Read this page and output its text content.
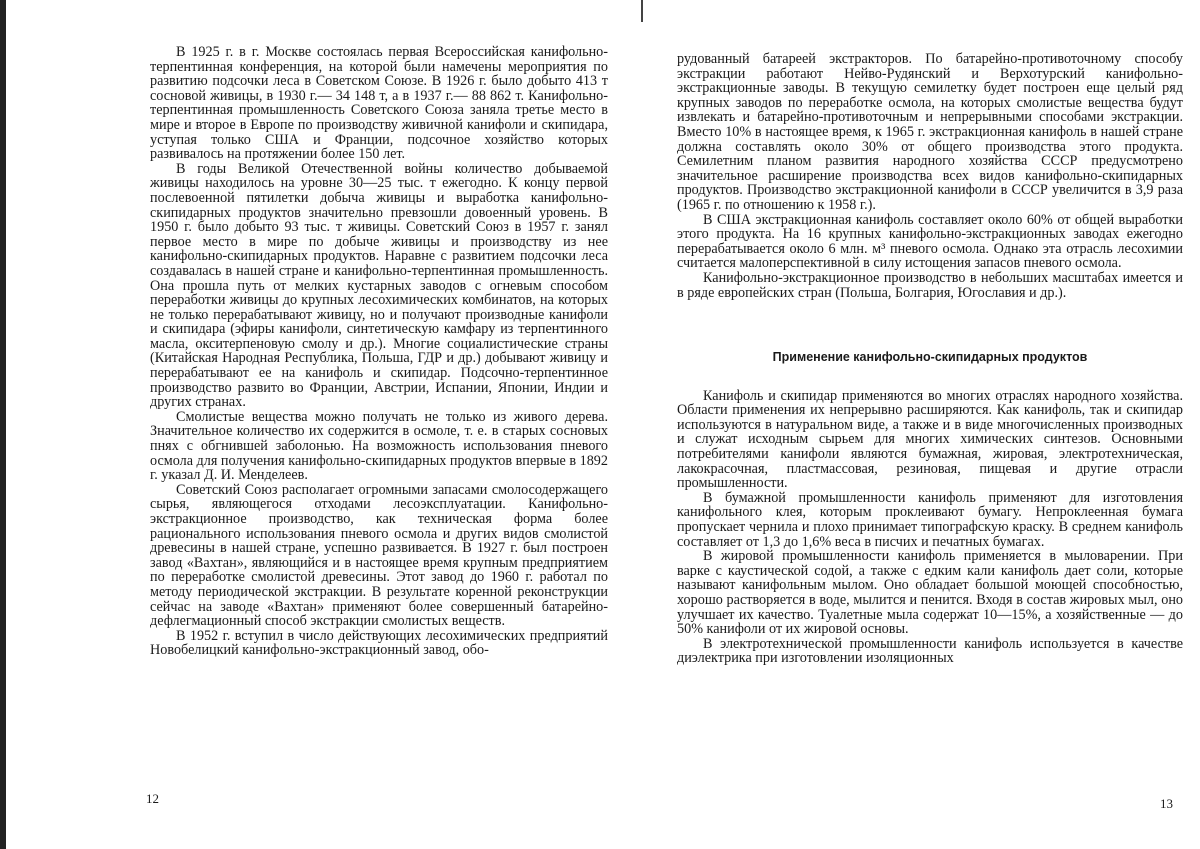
В 1925 г. в г. Москве состоялась первая Всероссийская канифольно-терпентинная конференция, на которой были намечены мероприятия по развитию подсочки леса в Советском Союзе. В 1926 г. было добыто 413 т сосновой живицы, в 1930 г.— 34 148 т, а в 1937 г.— 88 862 т. Канифольно-терпентинная промышленность Советского Союза заняла третье место в мире и второе в Европе по производству живичной канифоли и скипидара, уступая только США и Франции, подсочное хозяйство которых развивалось на протяжении более 150 лет.

В годы Великой Отечественной войны количество добываемой живицы находилось на уровне 30—25 тыс. т ежегодно. К концу первой послевоенной пятилетки добыча живицы и выработка канифольно-скипидарных продуктов значительно превзошли довоенный уровень. В 1950 г. было добыто 93 тыс. т живицы. Советский Союз в 1957 г. занял первое место в мире по добыче живицы и производству из нее канифольно-скипидарных продуктов. Наравне с развитием подсочки леса создавалась в нашей стране и канифольно-терпентинная промышленность. Она прошла путь от мелких кустарных заводов с огневым способом переработки живицы до крупных лесохимических комбинатов, на которых не только перерабатывают живицу, но и получают производные канифоли и скипидара (эфиры канифоли, синтетическую камфару из терпентинного масла, окситерпеновую смолу и др.). Многие социалистические страны (Китайская Народная Республика, Польша, ГДР и др.) добывают живицу и перерабатывают ее на канифоль и скипидар. Подсочно-терпентинное производство развито во Франции, Австрии, Испании, Японии, Индии и других странах.

Смолистые вещества можно получать не только из живого дерева. Значительное количество их содержится в осмоле, т. е. в старых сосновых пнях с обгнившей заболонью. На возможность использования пневого осмола для получения канифольно-скипидарных продуктов впервые в 1892 г. указал Д. И. Менделеев.

Советский Союз располагает огромными запасами смолосодержащего сырья, являющегося отходами лесоэксплуатации. Канифольно-экстракционное производство, как техническая форма более рационального использования пневого осмола и других видов смолистой древесины в нашей стране, успешно развивается. В 1927 г. был построен завод «Вахтан», являющийся и в настоящее время крупным предприятием по переработке смолистой древесины. Этот завод до 1960 г. работал по методу периодической экстракции. В результате коренной реконструкции сейчас на заводе «Вахтан» применяют более совершенный батарейно-дефлегмационный способ экстракции смолистых веществ.

В 1952 г. вступил в число действующих лесохимических предприятий Новобелицкий канифольно-экстракционный завод, обо-

12

рудованный батареей экстракторов. По батарейно-противоточному способу экстракции работают Нейво-Рудянский и Верхотурский канифольно-экстракционные заводы. В текущую семилетку будет построен еще целый ряд крупных заводов по переработке осмола, на которых смолистые вещества будут извлекать и батарейно-противоточным и непрерывными способами экстракции. Вместо 10% в настоящее время, к 1965 г. экстракционная канифоль в нашей стране должна составлять около 30% от общего производства этого продукта. Семилетним планом развития народного хозяйства СССР предусмотрено значительное расширение производства всех видов канифольно-скипидарных продуктов. Производство экстракционной канифоли в СССР увеличится в 3,9 раза (1965 г. по отношению к 1958 г.).

В США экстракционная канифоль составляет около 60% от общей выработки этого продукта. На 16 крупных канифольно-экстракционных заводах ежегодно перерабатывается около 6 млн. м³ пневого осмола. Однако эта отрасль лесохимии считается малоперспективной в силу истощения запасов пневого осмола.

Канифольно-экстракционное производство в небольших масштабах имеется и в ряде европейских стран (Польша, Болгария, Югославия и др.).

Применение канифольно-скипидарных продуктов

Канифоль и скипидар применяются во многих отраслях народного хозяйства. Области применения их непрерывно расширяются. Как канифоль, так и скипидар используются в натуральном виде, а также и в виде многочисленных производных и служат исходным сырьем для многих химических синтезов. Основными потребителями канифоли являются бумажная, жировая, электротехническая, лакокрасочная, пластмассовая, резиновая, пищевая и другие отрасли промышленности.

В бумажной промышленности канифоль применяют для изготовления канифольного клея, которым проклеивают бумагу. Непроклеенная бумага пропускает чернила и плохо принимает типографскую краску. В среднем канифоль составляет от 1,3 до 1,6% веса в писчих и печатных бумагах.

В жировой промышленности канифоль применяется в мыловарении. При варке с каустической содой, а также с едким кали канифоль дает соли, которые называют канифольным мылом. Оно обладает большой моющей способностью, хорошо растворяется в воде, мылится и пенится. Входя в состав жировых мыл, оно улучшает их качество. Туалетные мыла содержат 10—15%, а хозяйственные — до 50% канифоли от их жировой основы.

В электротехнической промышленности канифоль используется в качестве диэлектрика при изготовлении изоляционных

13
